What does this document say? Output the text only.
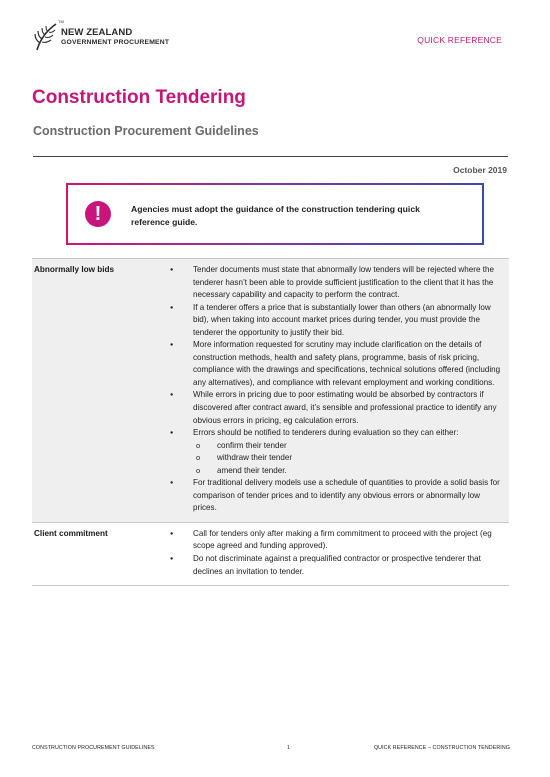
NEW ZEALAND
GOVERNMENT PROCUREMENT
TM
QUICK REFERENCE
Construction Tendering
Construction Procurement Guidelines
October 2019
!	Agencies must adopt the guidance of the construction tendering quick reference guide.
Abnormally low bids	● Tender documents must state that abnormally low tenders will be rejected where the tenderer hasn’t been able to provide sufficient justification to the client that it has the necessary capability and capacity to perform the contract.
● If a tenderer offers a price that is substantially lower than others (an abnormally low bid), when taking into account market prices during tender, you must provide the tenderer the opportunity to justify their bid.
● More information requested for scrutiny may include clarification on the details of construction methods, health and safety plans, programme, basis of risk pricing, compliance with the drawings and specifications, technical solutions offered (including any alternatives), and compliance with relevant employment and working conditions.
● While errors in pricing due to poor estimating would be absorbed by contractors if discovered after contract award, it’s sensible and professional practice to identify any obvious errors in pricing, eg calculation errors.
● Errors should be notified to tenderers during evaluation so they can either:
o confirm their tender
o withdraw their tender
o amend their tender.
● For traditional delivery models use a schedule of quantities to provide a solid basis for comparison of tender prices and to identify any obvious errors or abnormally low prices.
Client commitment	● Call for tenders only after making a firm commitment to proceed with the project (eg scope agreed and funding approved).
● Do not discriminate against a prequalified contractor or prospective tenderer that declines an invitation to tender.
CONSTRUCTION PROCUREMENT GUIDELINES	1	QUICK REFERENCE – CONSTRUCTION TENDERING
